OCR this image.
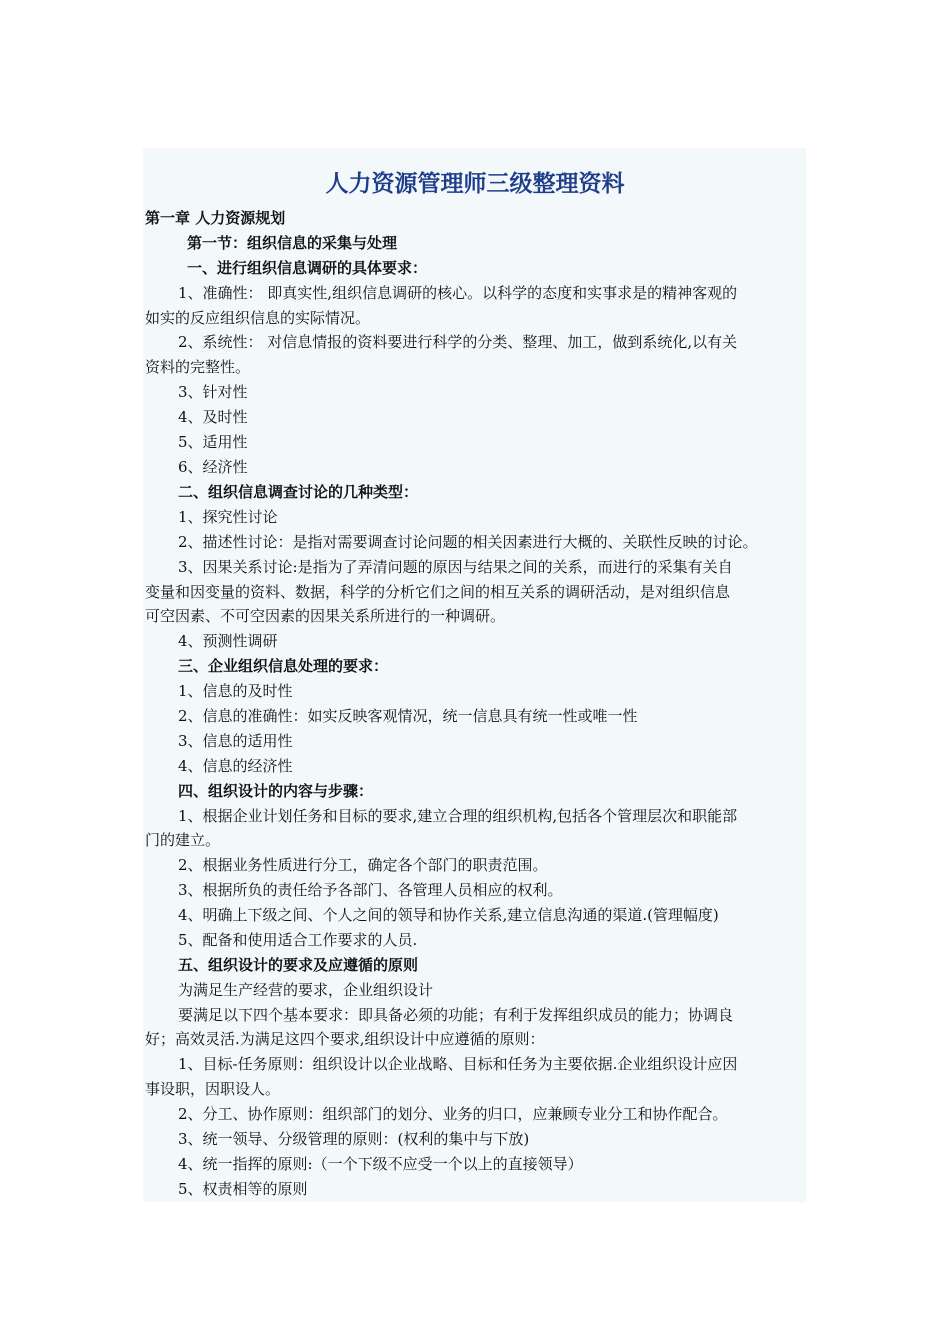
人力资源管理师三级整理资料

第一章 人力资源规划

第一节：组织信息的采集与处理

一、进行组织信息调研的具体要求：

1、准确性： 即真实性,组织信息调研的核心。以科学的态度和实事求是的精神客观的

如实的反应组织信息的实际情况。

2、系统性： 对信息情报的资料要进行科学的分类、整理、加工，做到系统化,以有关

资料的完整性。

3、针对性

4、及时性

5、适用性

6、经济性

二、组织信息调查讨论的几种类型：

1、探究性讨论

2、描述性讨论：是指对需要调查讨论问题的相关因素进行大概的、关联性反映的讨论。

3、因果关系讨论:是指为了弄清问题的原因与结果之间的关系，而进行的采集有关自

变量和因变量的资料、数据，科学的分析它们之间的相互关系的调研活动，是对组织信息

可空因素、不可空因素的因果关系所进行的一种调研。

4、预测性调研

三、企业组织信息处理的要求：

1、信息的及时性

2、信息的准确性：如实反映客观情况，统一信息具有统一性或唯一性

3、信息的适用性

4、信息的经济性

四、组织设计的内容与步骤：

1、根据企业计划任务和目标的要求,建立合理的组织机构,包括各个管理层次和职能部

门的建立。

2、根据业务性质进行分工，确定各个部门的职责范围。

3、根据所负的责任给予各部门、各管理人员相应的权利。

4、明确上下级之间、个人之间的领导和协作关系,建立信息沟通的渠道.(管理幅度)

5、配备和使用适合工作要求的人员.

五、组织设计的要求及应遵循的原则

为满足生产经营的要求，企业组织设计

要满足以下四个基本要求：即具备必须的功能；有利于发挥组织成员的能力；协调良

好；高效灵活.为满足这四个要求,组织设计中应遵循的原则：

1、目标-任务原则：组织设计以企业战略、目标和任务为主要依据.企业组织设计应因

事设职，因职设人。

2、分工、协作原则：组织部门的划分、业务的归口，应兼顾专业分工和协作配合。

3、统一领导、分级管理的原则：(权利的集中与下放)

4、统一指挥的原则:（一个下级不应受一个以上的直接领导）

5、权责相等的原则
